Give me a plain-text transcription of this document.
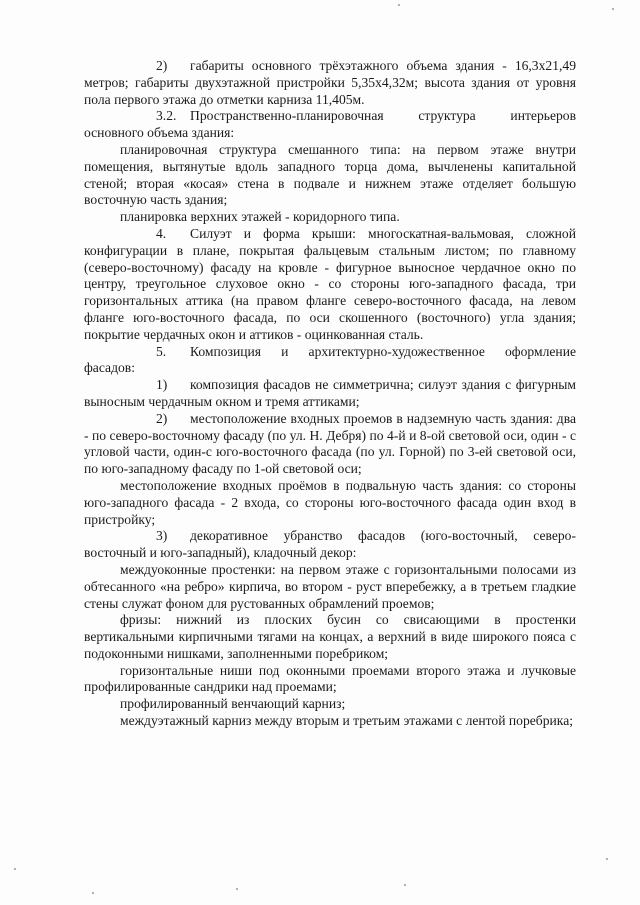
2) габариты основного трёхэтажного объема здания - 16,3х21,49 метров; габариты двухэтажной пристройки 5,35х4,32м; высота здания от уровня пола первого этажа до отметки карниза 11,405м.

3.2. Пространственно-планировочная структура интерьеров основного объема здания:

планировочная структура смешанного типа: на первом этаже внутри помещения, вытянутые вдоль западного торца дома, вычленены капитальной стеной; вторая «косая» стена в подвале и нижнем этаже отделяет большую восточную часть здания;

планировка верхних этажей - коридорного типа.

4. Силуэт и форма крыши: многоскатная-вальмовая, сложной конфигурации в плане, покрытая фальцевым стальным листом; по главному (северо-восточному) фасаду на кровле - фигурное выносное чердачное окно по центру, треугольное слуховое окно - со стороны юго-западного фасада, три горизонтальных аттика (на правом фланге северо-восточного фасада, на левом фланге юго-восточного фасада, по оси скошенного (восточного) угла здания; покрытие чердачных окон и аттиков - оцинкованная сталь.

5. Композиция и архитектурно-художественное оформление фасадов:

1) композиция фасадов не симметрична; силуэт здания с фигурным выносным чердачным окном и тремя аттиками;

2) местоположение входных проемов в надземную часть здания: два - по северо-восточному фасаду (по ул. Н. Дебря) по 4-й и 8-ой световой оси, один - с угловой части, один-с юго-восточного фасада (по ул. Горной) по 3-ей световой оси, по юго-западному фасаду по 1-ой световой оси;

местоположение входных проёмов в подвальную часть здания: со стороны юго-западного фасада - 2 входа, со стороны юго-восточного фасада один вход в пристройку;

3) декоративное убранство фасадов (юго-восточный, северо-восточный и юго-западный), кладочный декор:

междуоконные простенки: на первом этаже с горизонтальными полосами из обтесанного «на ребро» кирпича, во втором - руст вперебежку, а в третьем гладкие стены служат фоном для рустованных обрамлений проемов;

фризы: нижний из плоских бусин со свисающими в простенки вертикальными кирпичными тягами на концах, а верхний в виде широкого пояса с подоконными нишками, заполненными поребриком;

горизонтальные ниши под оконными проемами второго этажа и лучковые профилированные сандрики над проемами;

профилированный венчающий карниз;

междуэтажный карниз между вторым и третьим этажами с лентой поребрика;
